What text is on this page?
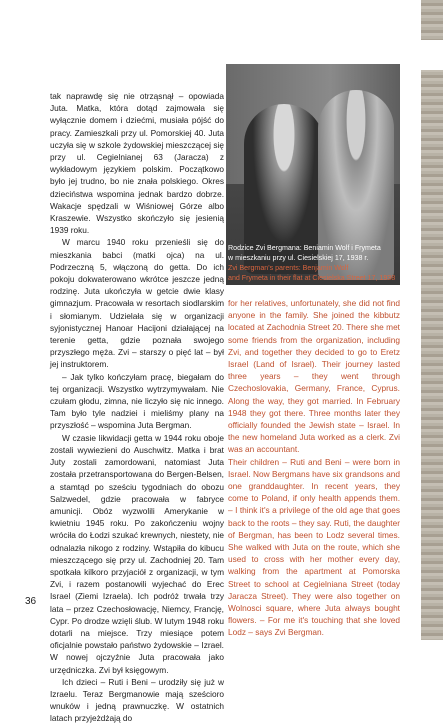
tak naprawdę się nie otrząsnął – opowiada Juta. Matka, która dotąd zajmowała się wyłącznie domem i dziećmi, musiała pójść do pracy. Zamieszkali przy ul. Pomorskiej 40. Juta uczyła się w szkole żydowskiej mieszczącej się przy ul. Cegielnianej 63 (Jaracza) z wykładowym językiem polskim. Początkowo było jej trudno, bo nie znała polskiego. Okres dzieciństwa wspomina jednak bardzo dobrze. Wakacje spędzali w Wiśniowej Górze albo Kraszewie. Wszystko skończyło się jesienią 1939 roku.

W marcu 1940 roku przenieśli się do mieszkania babci (matki ojca) na ul. Podrzeczną 5, włączoną do getta. Do ich pokoju dokwaterowano wkrótce jeszcze jedną rodzinę. Juta ukończyła w getcie dwie klasy gimnazjum. Pracowała w resortach siodlarskim i słomianym. Udzielała się w organizacji syjonistycznej Hanoar Hacijoni działającej na terenie getta, gdzie poznała swojego przyszłego męża. Zvi – starszy o pięć lat – był jej instruktorem.

– Jak tylko kończyłam pracę, biegałam do tej organizacji. Wszystko wytrzymywałam. Nie czułam głodu, zimna, nie liczyło się nic innego. Tam było tyle nadziei i mieliśmy plany na przyszłość – wspomina Juta Bergman.

W czasie likwidacji getta w 1944 roku oboje zostali wywiezieni do Auschwitz. Matka i brat Juty zostali zamordowani, natomiast Juta została przetransportowana do Bergen-Belsen, a stamtąd po sześciu tygodniach do obozu Salzwedel, gdzie pracowała w fabryce amunicji. Obóz wyzwolili Amerykanie w kwietniu 1945 roku. Po zakończeniu wojny wróciła do Łodzi szukać krewnych, niestety, nie odnalazła nikogo z rodziny. Wstąpiła do kibucu mieszczącego się przy ul. Zachodniej 20. Tam spotkała kilkoro przyjaciół z organizacji, w tym Zvi, i razem postanowili wyjechać do Erec Israel (Ziemi Izraela). Ich podróż trwała trzy lata – przez Czechosłowację, Niemcy, Francję, Cypr. Po drodze wzięli ślub. W lutym 1948 roku dotarli na miejsce. Trzy miesiące potem oficjalnie powstało państwo żydowskie – Izrael. W nowej ojczyźnie Juta pracowała jako urzędniczka. Zvi był księgowym.

Ich dzieci – Ruti i Beni – urodziły się już w Izraelu. Teraz Bergmanowie mają sześcioro wnuków i jedną prawnuczkę. W ostatnich latach przyjeżdżają do

Rodzice Zvi Bergmana: Beniamin Wolf i Frymeta
w mieszkaniu przy ul. Ciesielskiej 17, 1938 r.
Zvi Bergman's parents: Benjamin Wolf
and Frymeta in their flat at Ciesielska Street 17, 1938

for her relatives, unfortunately, she did not find anyone in the family. She joined the kibbutz located at Zachodnia Street 20. There she met some friends from the organization, including Zvi, and together they decided to go to Eretz Israel (Land of Israel). Their journey lasted three years – they went through Czechoslovakia, Germany, France, Cyprus. Along the way, they got married. In February 1948 they got there. Three months later they officially founded the Jewish state – Israel. In the new homeland Juta worked as a clerk. Zvi was an accountant.

Their children – Ruti and Beni – were born in Israel. Now Bergmans have six grandsons and one granddaughter. In recent years, they come to Poland, if only health appends them. – I think it's a privilege of the old age that goes back to the roots – they say. Ruti, the daughter of Bergman, has been to Lodz several times. She walked with Juta on the route, which she used to cross with her mother every day, walking from the apartment at Pomorska Street to school at Cegielniana Street (today Jaracza Street). They were also together on Wolnosci square, where Juta always bought flowers. – For me it's touching that she loved Lodz – says Zvi Bergman.

36
